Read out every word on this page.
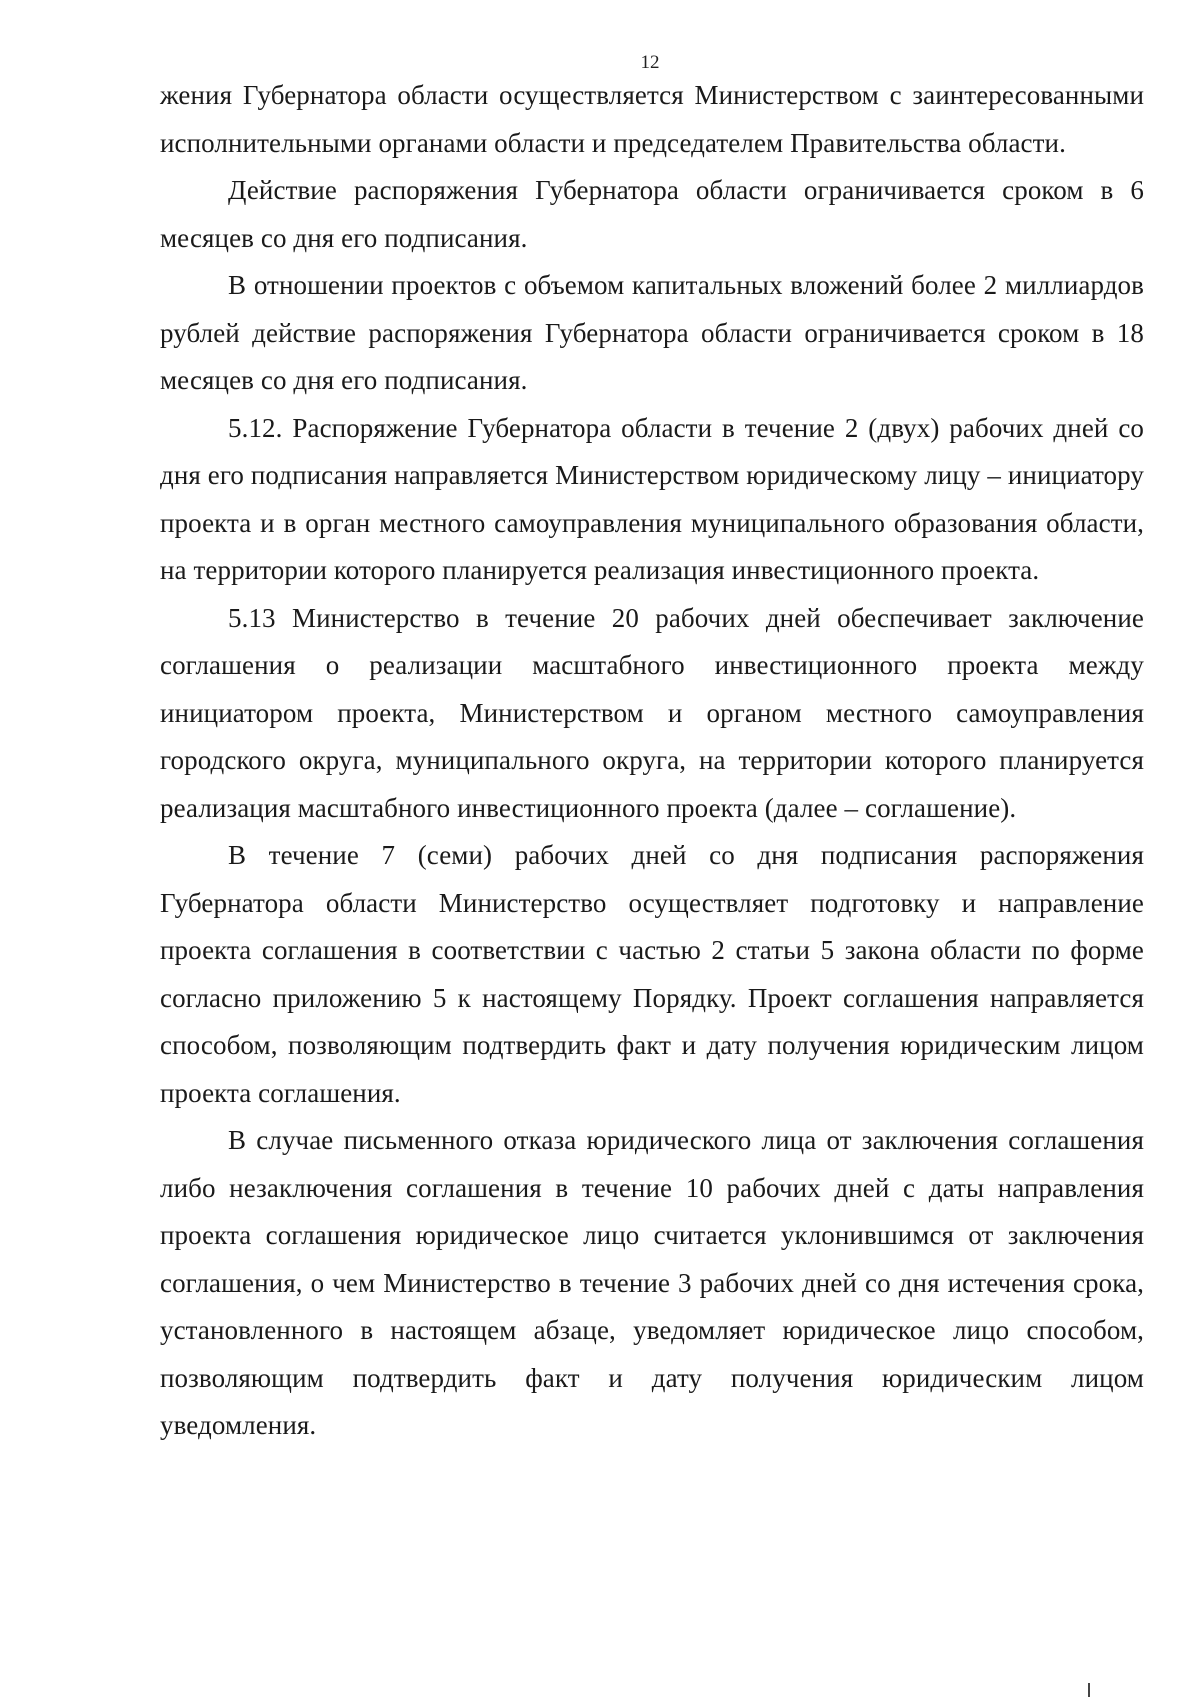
12

жения Губернатора области осуществляется Министерством с заинтересованными исполнительными органами области и председателем Правительства области.

Действие распоряжения Губернатора области ограничивается сроком в 6 месяцев со дня его подписания.

В отношении проектов с объемом капитальных вложений более 2 миллиардов рублей действие распоряжения Губернатора области ограничивается сроком в 18 месяцев со дня его подписания.

5.12. Распоряжение Губернатора области в течение 2 (двух) рабочих дней со дня его подписания направляется Министерством юридическому лицу – инициатору проекта и в орган местного самоуправления муниципального образования области, на территории которого планируется реализация инвестиционного проекта.

5.13 Министерство в течение 20 рабочих дней обеспечивает заключение соглашения о реализации масштабного инвестиционного проекта между инициатором проекта, Министерством и органом местного самоуправления городского округа, муниципального округа, на территории которого планируется реализация масштабного инвестиционного проекта (далее – соглашение).

В течение 7 (семи) рабочих дней со дня подписания распоряжения Губернатора области Министерство осуществляет подготовку и направление проекта соглашения в соответствии с частью 2 статьи 5 закона области по форме согласно приложению 5 к настоящему Порядку. Проект соглашения направляется способом, позволяющим подтвердить факт и дату получения юридическим лицом проекта соглашения.

В случае письменного отказа юридического лица от заключения соглашения либо незаключения соглашения в течение 10 рабочих дней с даты направления проекта соглашения юридическое лицо считается уклонившимся от заключения соглашения, о чем Министерство в течение 3 рабочих дней со дня истечения срока, установленного в настоящем абзаце, уведомляет юридическое лицо способом, позволяющим подтвердить факт и дату получения юридическим лицом уведомления.
